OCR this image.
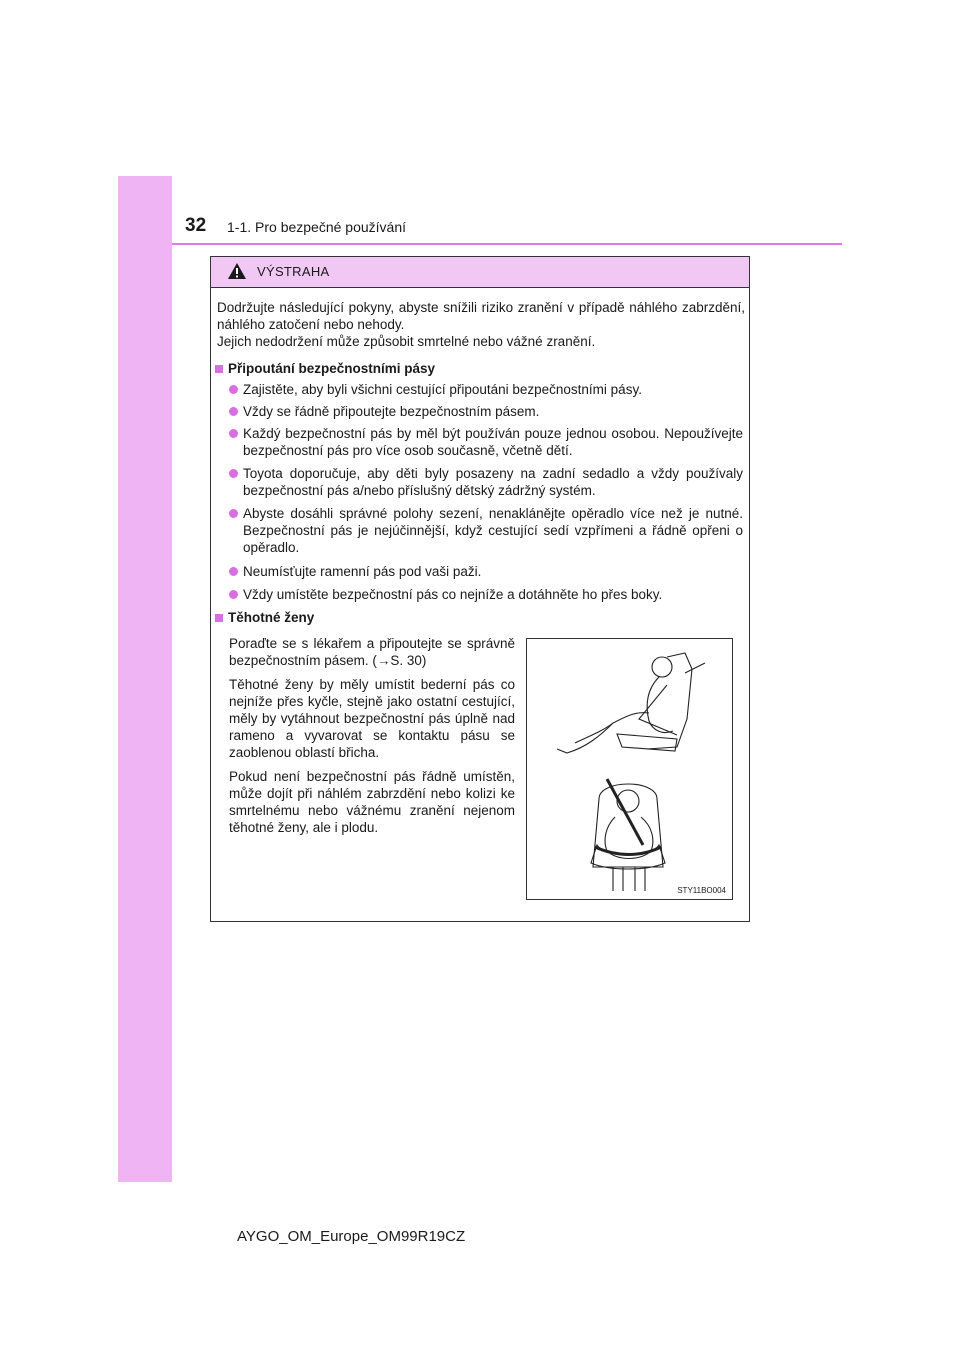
32 1-1. Pro bezpečné používání
VÝSTRAHA
Dodržujte následující pokyny, abyste snížili riziko zranění v případě náhlého zabrzdění, náhlého zatočení nebo nehody.
Jejich nedodržení může způsobit smrtelné nebo vážné zranění.
Připoutání bezpečnostními pásy
Zajistěte, aby byli všichni cestující připoutáni bezpečnostními pásy.
Vždy se řádně připoutejte bezpečnostním pásem.
Každý bezpečnostní pás by měl být používán pouze jednou osobou. Nepoužívejte bezpečnostní pás pro více osob současně, včetně dětí.
Toyota doporučuje, aby děti byly posazeny na zadní sedadlo a vždy používaly bezpečnostní pás a/nebo příslušný dětský zádržný systém.
Abyste dosáhli správné polohy sezení, nenaklánějte opěradlo více než je nutné. Bezpečnostní pás je nejúčinnější, když cestující sedí vzpřímeni a řádně opřeni o opěradlo.
Neumísťujte ramenní pás pod vaši paži.
Vždy umístěte bezpečnostní pás co nejníže a dotáhněte ho přes boky.
Těhotné ženy

Poraďte se s lékařem a připoutejte se správně bezpečnostním pásem. (→S. 30)

Těhotné ženy by měly umístit bederní pás co nejníže přes kyčle, stejně jako ostatní cestující, měly by vytáhnout bezpečnostní pás úplně nad rameno a vyvarovat se kontaktu pásu se zaoblenou oblastí břicha.

Pokud není bezpečnostní pás řádně umístěn, může dojít při náhlém zabrzdění nebo kolizi ke smrtelnému nebo vážnému zranění nejenom těhotné ženy, ale i plodu.

STY11BO004
AYGO_OM_Europe_OM99R19CZ
